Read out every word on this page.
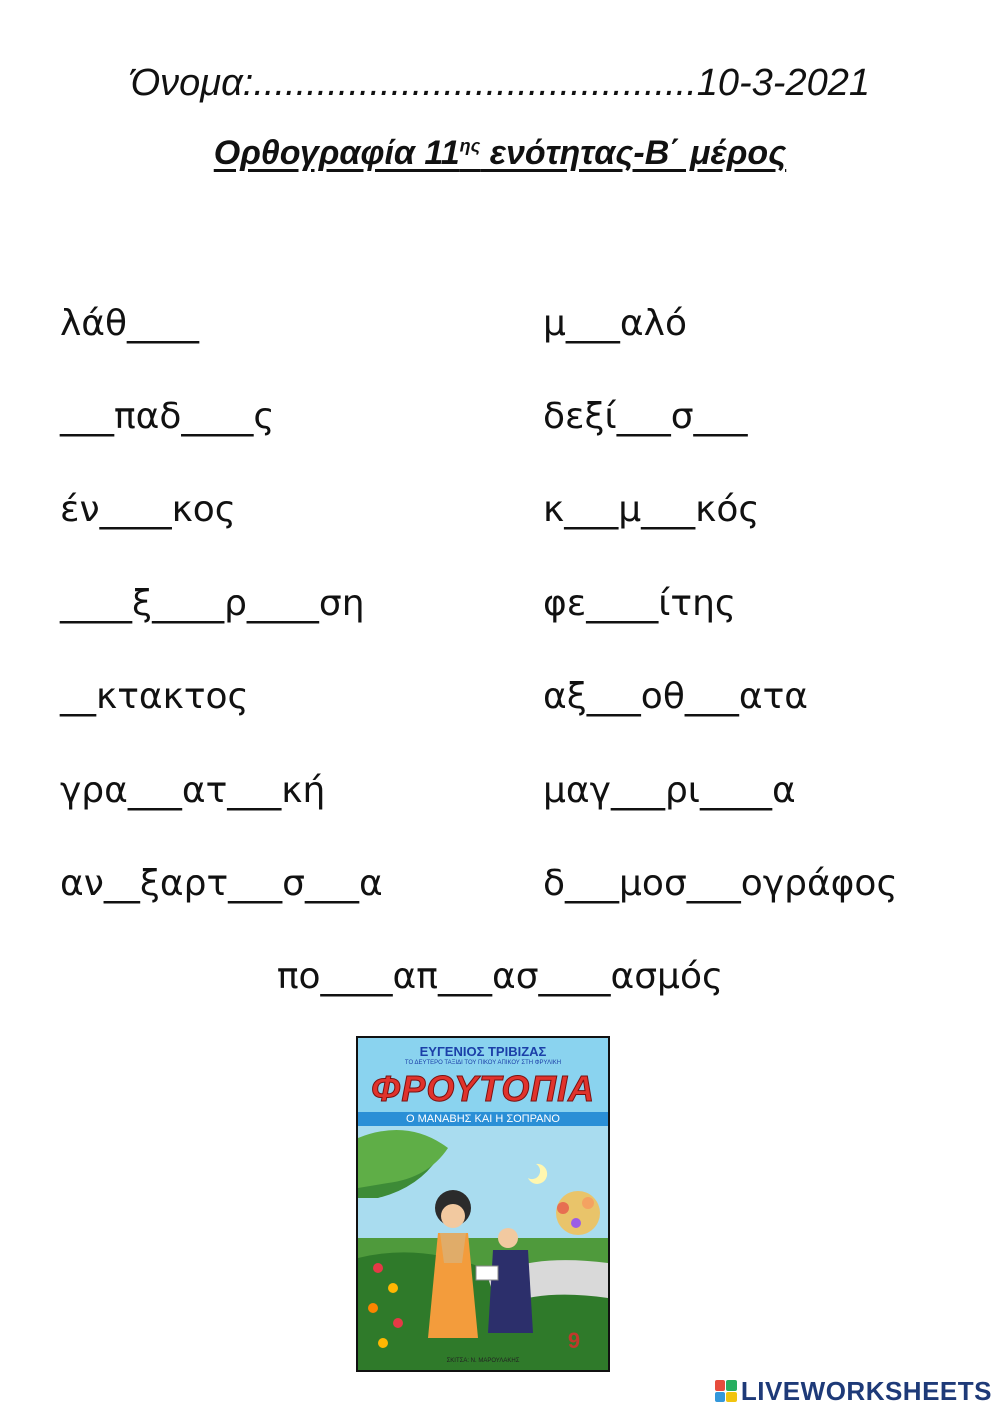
Όνομα:..........................................10-3-2021
Ορθογραφία $11^{\eta\varsigma}$ ενότητας-Β΄ μέρος
λάθ____
___παδ____ς
έν____κος
____ξ____ρ____ση
__κτακτος
γρα___ατ___κή
αν__ξαρτ___σ___α
μ___αλό
δεξί___σ___
κ___μ___κός
φε____ίτης
αξ___οθ___ατα
μαγ___ρι____α
δ___μοσ___ογράφος
πο____απ___ασ____ασμός
ΕΥΓΕΝΙΟΣ ΤΡΙΒΙΖΑΣ
ΤΟ ΔΕΥΤΕΡΟ ΤΑΞΙΔΙ ΤΟΥ ΠΙΚΟΥ ΑΠΙΚΟΥ ΣΤΗ ΦΡΥΛΙΚΗ
ΦΡΟΥΤΟΠΙΑ
Ο ΜΑΝΑΒΗΣ ΚΑΙ Η ΣΟΠΡΑΝΟ
9
ΣΚΙΤΣΑ: Ν. ΜΑΡΟΥΛΑΚΗΣ
LIVEWORKSHEETS
